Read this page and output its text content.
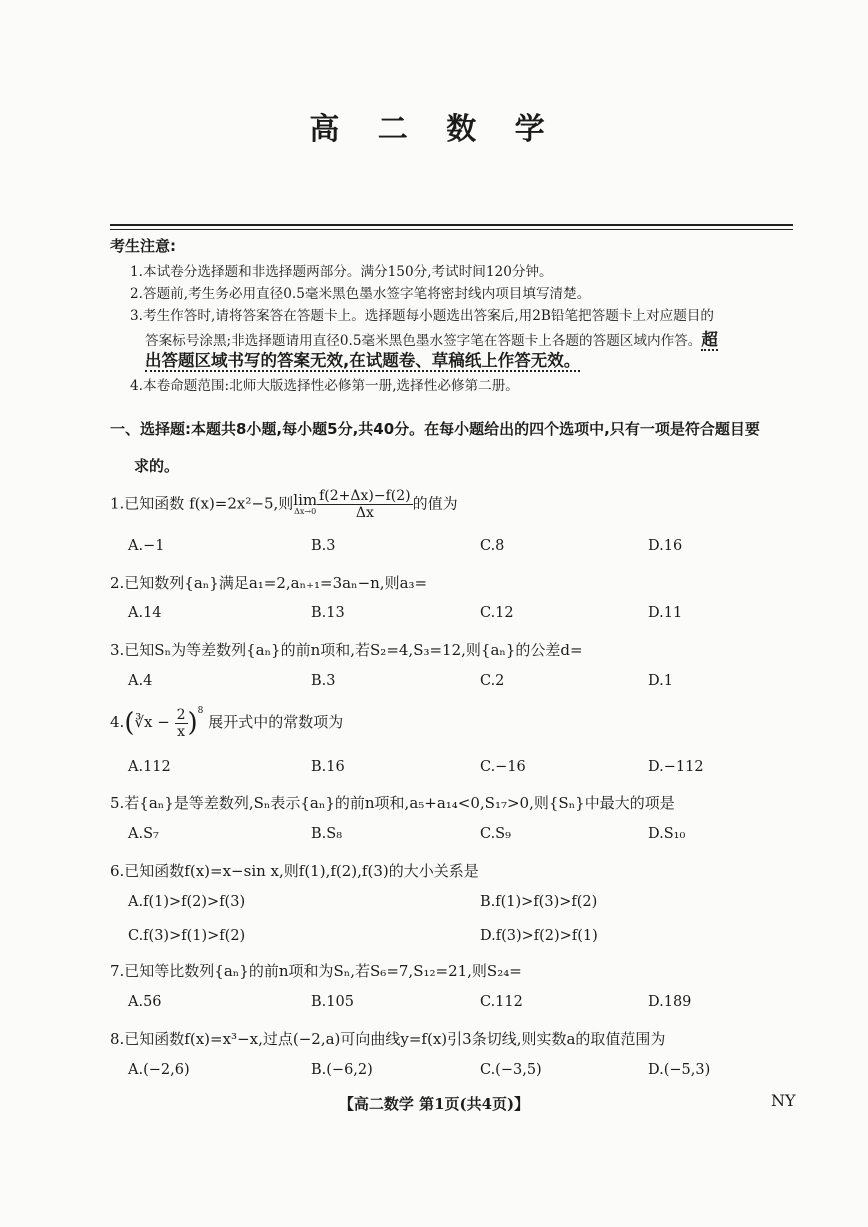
高 二 数 学
考生注意:
1.本试卷分选择题和非选择题两部分。满分150分,考试时间120分钟。
2.答题前,考生务必用直径0.5毫米黑色墨水签字笔将密封线内项目填写清楚。
3.考生作答时,请将答案答在答题卡上。选择题每小题选出答案后,用2B铅笔把答题卡上对应题目的
答案标号涂黑;非选择题请用直径0.5毫米黑色墨水签字笔在答题卡上各题的答题区域内作答。超
出答题区域书写的答案无效,在试题卷、草稿纸上作答无效。
4.本卷命题范围:北师大版选择性必修第一册,选择性必修第二册。
一、选择题:本题共8小题,每小题5分,共40分。在每小题给出的四个选项中,只有一项是符合题目要
求的。
1.已知函数 f(x)=2x²−5,则 lim
$\Delta x\to 0 \frac{f(2+\Delta x)-f(2)}{\Delta x}$ 的值为
A.−1	B.3	C.8	D.16
2.已知数列{aₙ}满足a₁=2,aₙ₊₁=3aₙ−n,则a₃=
A.14	B.13	C.12	D.11
3.已知Sₙ为等差数列{aₙ}的前n项和,若S₂=4,S₃=12,则{aₙ}的公差d=
A.4	B.3	C.2	D.1
4.(∛x − $\frac{2}{x} )^8$ 展开式中的常数项为
A.112	B.16	C.−16	D.−112
5.若{aₙ}是等差数列,Sₙ表示{aₙ}的前n项和,a₅+a₁₄<0,S₁₇>0,则{Sₙ}中最大的项是
A.S₇	B.S₈	C.S₉	D.S₁₀
6.已知函数f(x)=x−sin x,则f(1),f(2),f(3)的大小关系是
A.f(1)>f(2)>f(3)	B.f(1)>f(3)>f(2)
C.f(3)>f(1)>f(2)	D.f(3)>f(2)>f(1)
7.已知等比数列{aₙ}的前n项和为Sₙ,若S₆=7,S₁₂=21,则S₂₄=
A.56	B.105	C.112	D.189
8.已知函数f(x)=x³−x,过点(−2,a)可向曲线y=f(x)引3条切线,则实数a的取值范围为
A.(−2,6)	B.(−6,2)	C.(−3,5)	D.(−5,3)
【高二数学 第1页(共4页)】	NY
